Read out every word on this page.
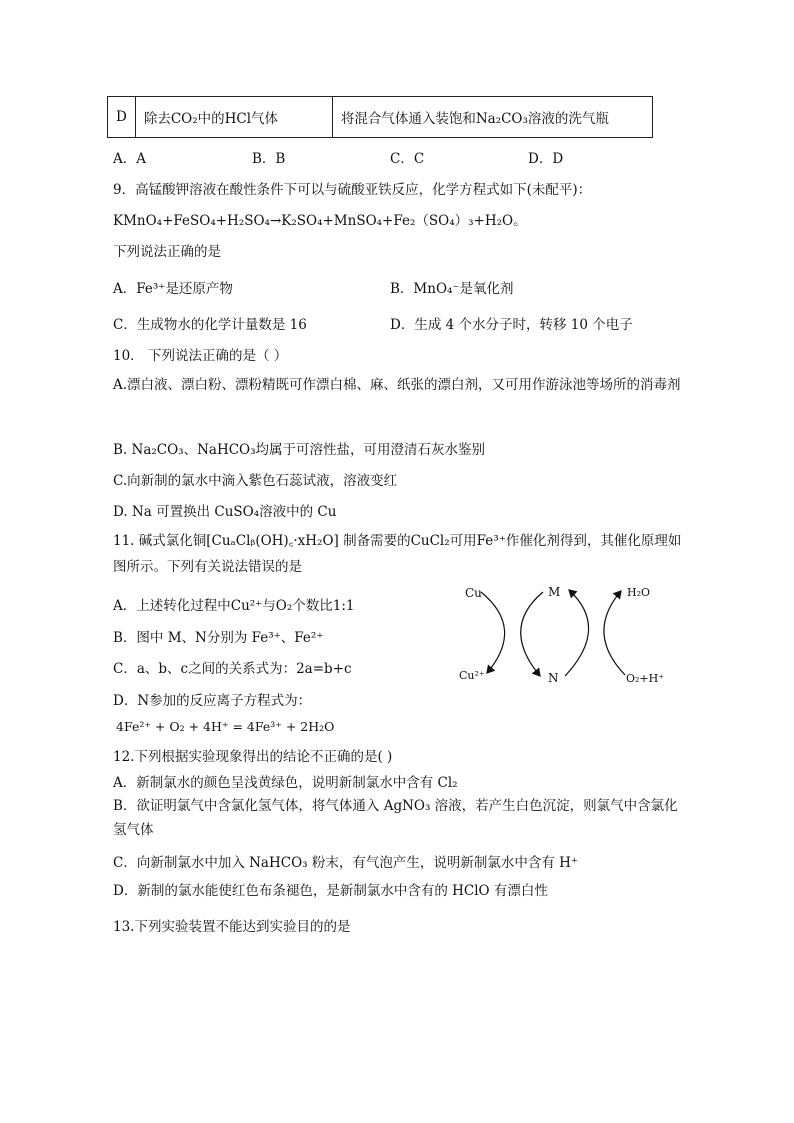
D	除去CO₂中的HCl气体	将混合气体通入装饱和Na₂CO₃溶液的洗气瓶
A．A	B．B	C．C	D．D
9．高锰酸钾溶液在酸性条件下可以与硫酸亚铁反应，化学方程式如下(未配平)：
KMnO₄+FeSO₄+H₂SO₄→K₂SO₄+MnSO₄+Fe₂（SO₄）₃+H₂O。
下列说法正确的是
A．Fe³⁺是还原产物	B．MnO₄⁻是氧化剂
C．生成物水的化学计量数是 16	D．生成 4 个水分子时，转移 10 个电子
10． 下列说法正确的是（ ）
A.漂白液、漂白粉、漂粉精既可作漂白棉、麻、纸张的漂白剂，又可用作游泳池等场所的消毒剂
B. Na₂CO₃、NaHCO₃均属于可溶性盐，可用澄清石灰水鉴别
C.向新制的氯水中滴入紫色石蕊试液，溶液变红
D. Na 可置换出 CuSO₄溶液中的 Cu
11. 碱式氯化铜[CuₐClᵦ(OH)꜀·xH₂O] 制备需要的CuCl₂可用Fe³⁺作催化剂得到，其催化原理如图所示。下列有关说法错误的是
A．上述转化过程中Cu²⁺与O₂个数比1:1
B．图中 M、N分别为 Fe³⁺、Fe²⁺
C．a、b、c之间的关系式为：2a=b+c
D．N参加的反应离子方程式为：
4Fe²⁺ + O₂ + 4H⁺ = 4Fe³⁺ + 2H₂O
Cu	M	H₂O
Cu²⁺	N	O₂+H⁺
12.下列根据实验现象得出的结论不正确的是( )
A．新制氯水的颜色呈浅黄绿色，说明新制氯水中含有 Cl₂
B．欲证明氯气中含氯化氢气体，将气体通入 AgNO₃ 溶液，若产生白色沉淀，则氯气中含氯化氢气体
C．向新制氯水中加入 NaHCO₃ 粉末，有气泡产生，说明新制氯水中含有 H⁺
D．新制的氯水能使红色布条褪色，是新制氯水中含有的 HClO 有漂白性
13.下列实验装置不能达到实验目的的是
